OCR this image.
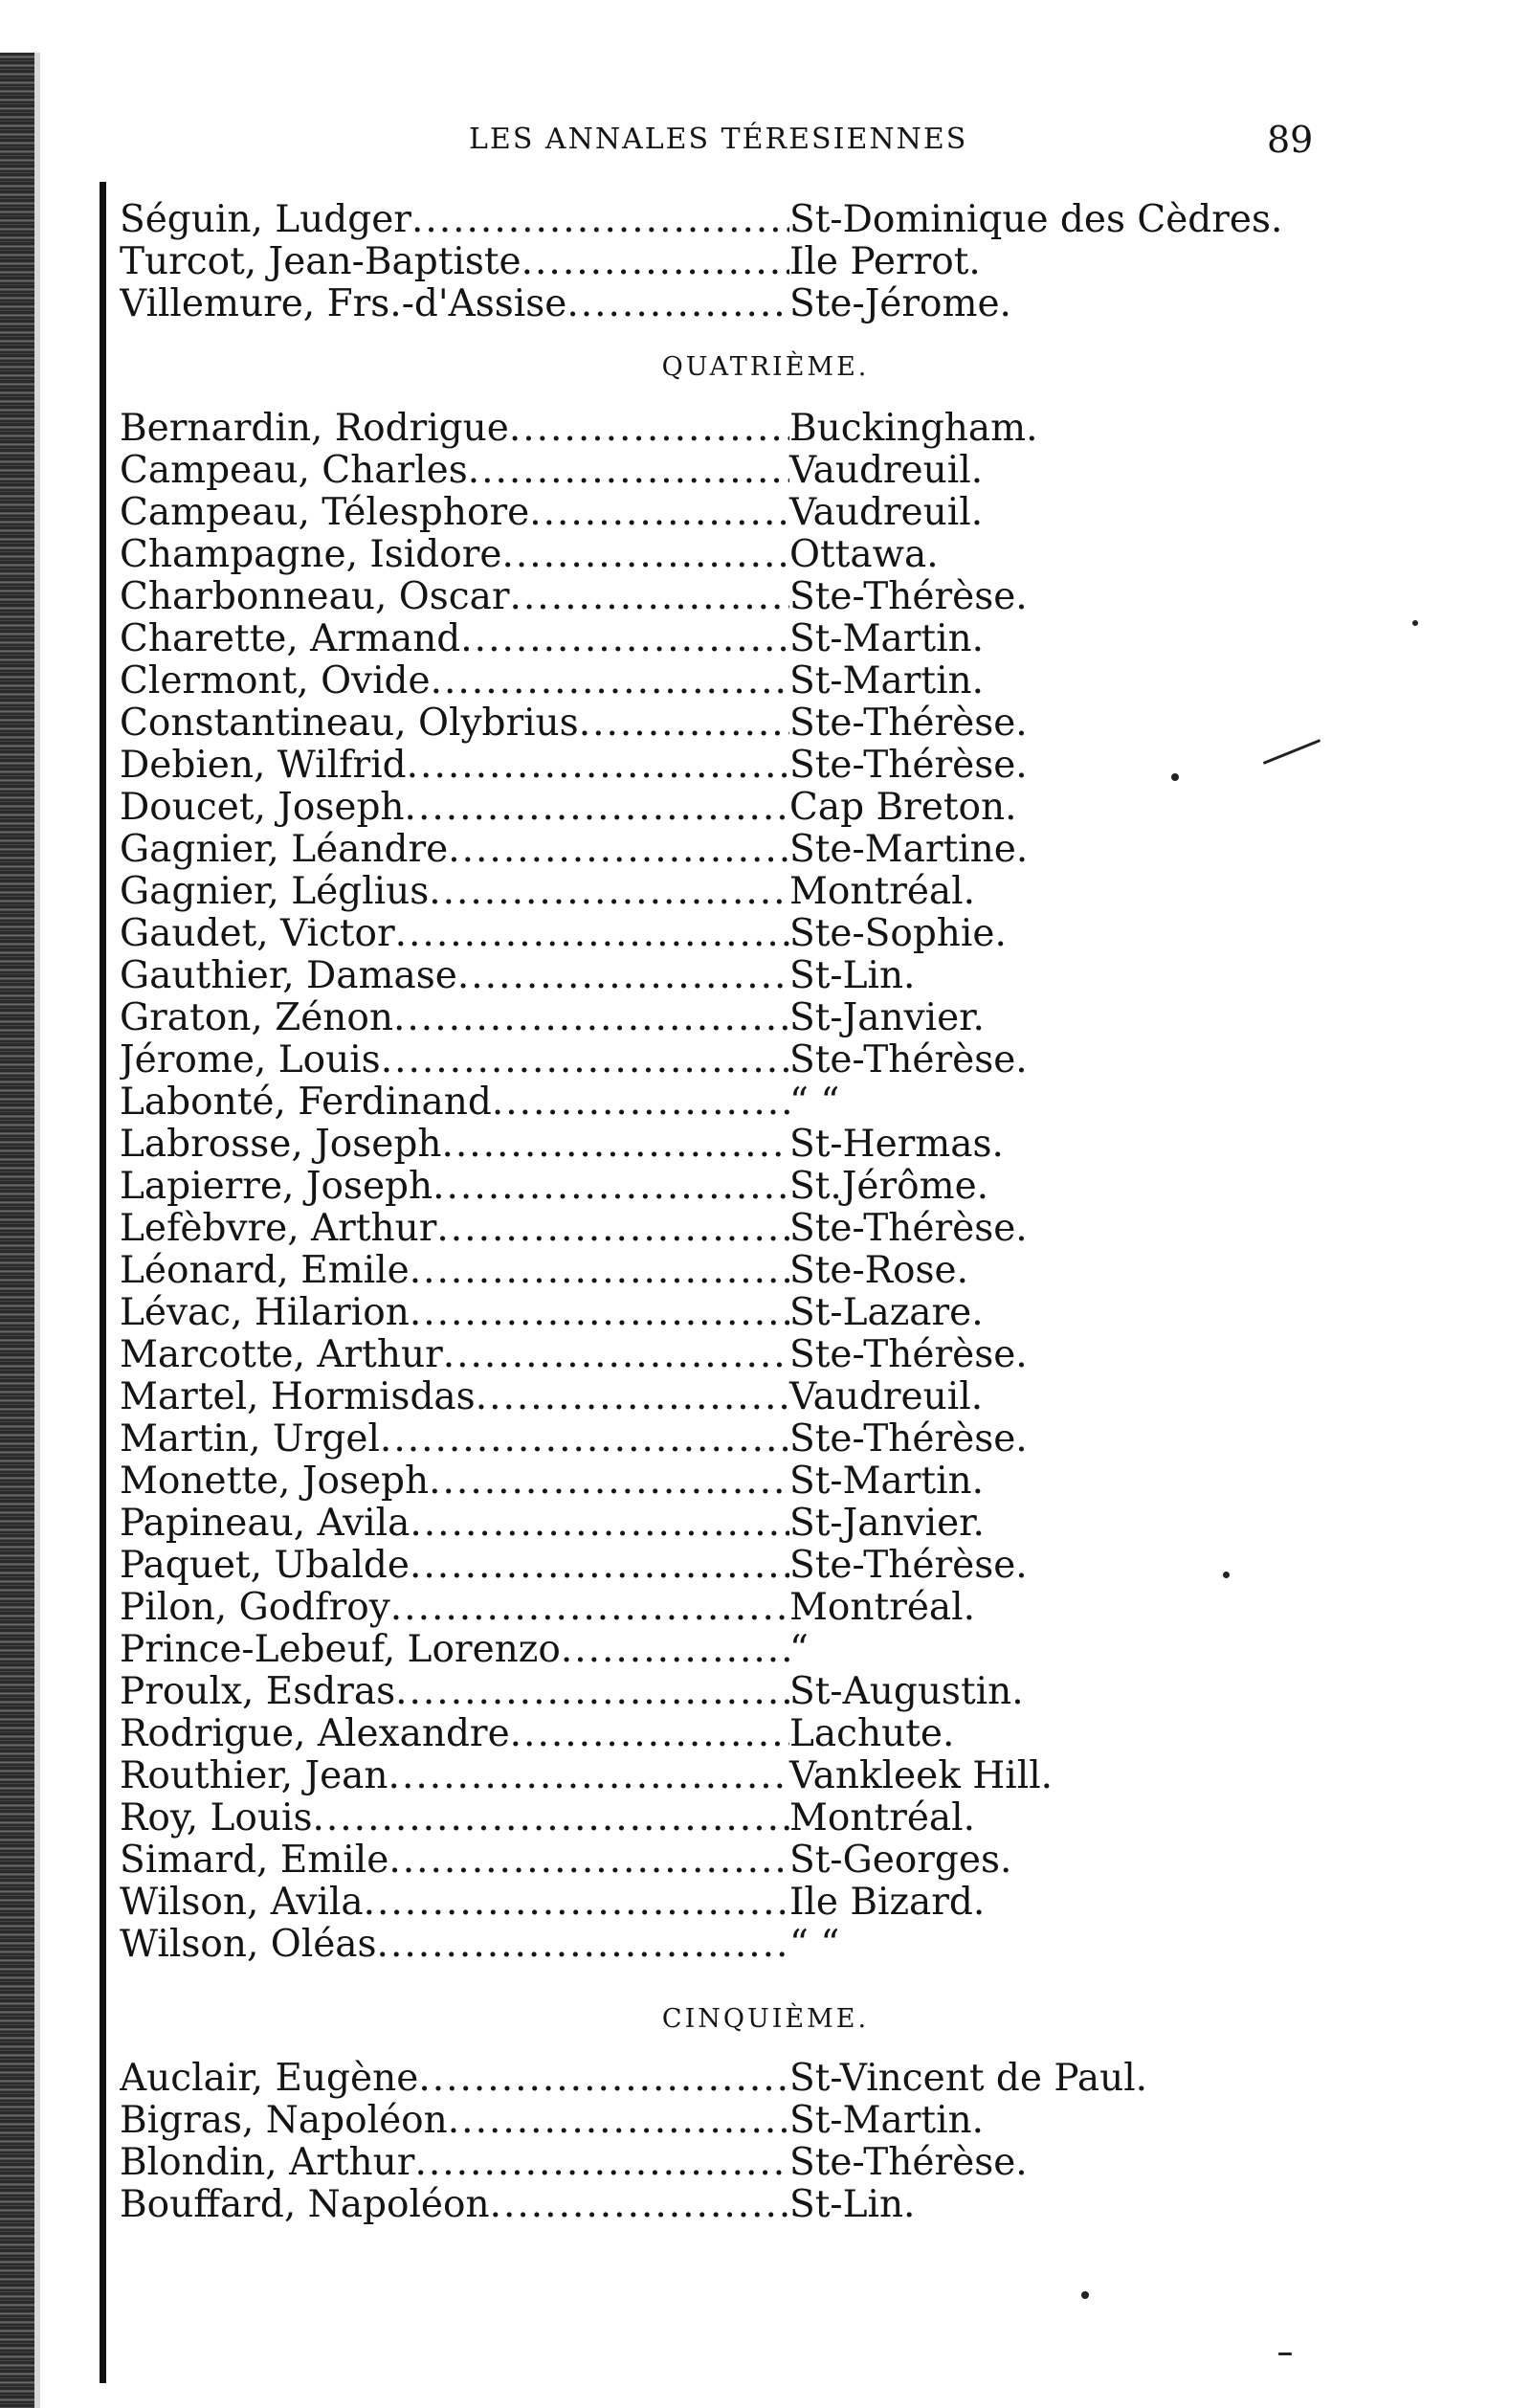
LES ANNALES TÉRESIENNES	89
Séguin, Ludger .....	St-Dominique des Cèdres.
Turcot, Jean-Baptiste .....	Ile Perrot.
Villemure, Frs.-d'Assise .....	Ste-Jérome.
QUATRIÈME.
Bernardin, Rodrigue .....	Buckingham.
Campeau, Charles .....	Vaudreuil.
Campeau, Télesphore .....	Vaudreuil.
Champagne, Isidore .....	Ottawa.
Charbonneau, Oscar .....	Ste-Thérèse.
Charette, Armand .....	St-Martin.
Clermont, Ovide .....	St-Martin.
Constantineau, Olybrius .....	Ste-Thérèse.
Debien, Wilfrid .....	Ste-Thérèse.
Doucet, Joseph .....	Cap Breton.
Gagnier, Léandre .....	Ste-Martine.
Gagnier, Léglius .....	Montréal.
Gaudet, Victor .....	Ste-Sophie.
Gauthier, Damase .....	St-Lin.
Graton, Zénon .....	St-Janvier.
Jérome, Louis .....	Ste-Thérèse.
Labonté, Ferdinand .....	“ “
Labrosse, Joseph .....	St-Hermas.
Lapierre, Joseph .....	St.Jérôme.
Lefèbvre, Arthur .....	Ste-Thérèse.
Léonard, Emile .....	Ste-Rose.
Lévac, Hilarion .....	St-Lazare.
Marcotte, Arthur .....	Ste-Thérèse.
Martel, Hormisdas .....	Vaudreuil.
Martin, Urgel .....	Ste-Thérèse.
Monette, Joseph .....	St-Martin.
Papineau, Avila .....	St-Janvier.
Paquet, Ubalde .....	Ste-Thérèse.
Pilon, Godfroy .....	Montréal.
Prince-Lebeuf, Lorenzo .....	“
Proulx, Esdras .....	St-Augustin.
Rodrigue, Alexandre .....	Lachute.
Routhier, Jean .....	Vankleek Hill.
Roy, Louis .....	Montréal.
Simard, Emile .....	St-Georges.
Wilson, Avila .....	Ile Bizard.
Wilson, Oléas .....	“ “
CINQUIÈME.
Auclair, Eugène .....	St-Vincent de Paul.
Bigras, Napoléon .....	St-Martin.
Blondin, Arthur .....	Ste-Thérèse.
Bouffard, Napoléon .....	St-Lin.
